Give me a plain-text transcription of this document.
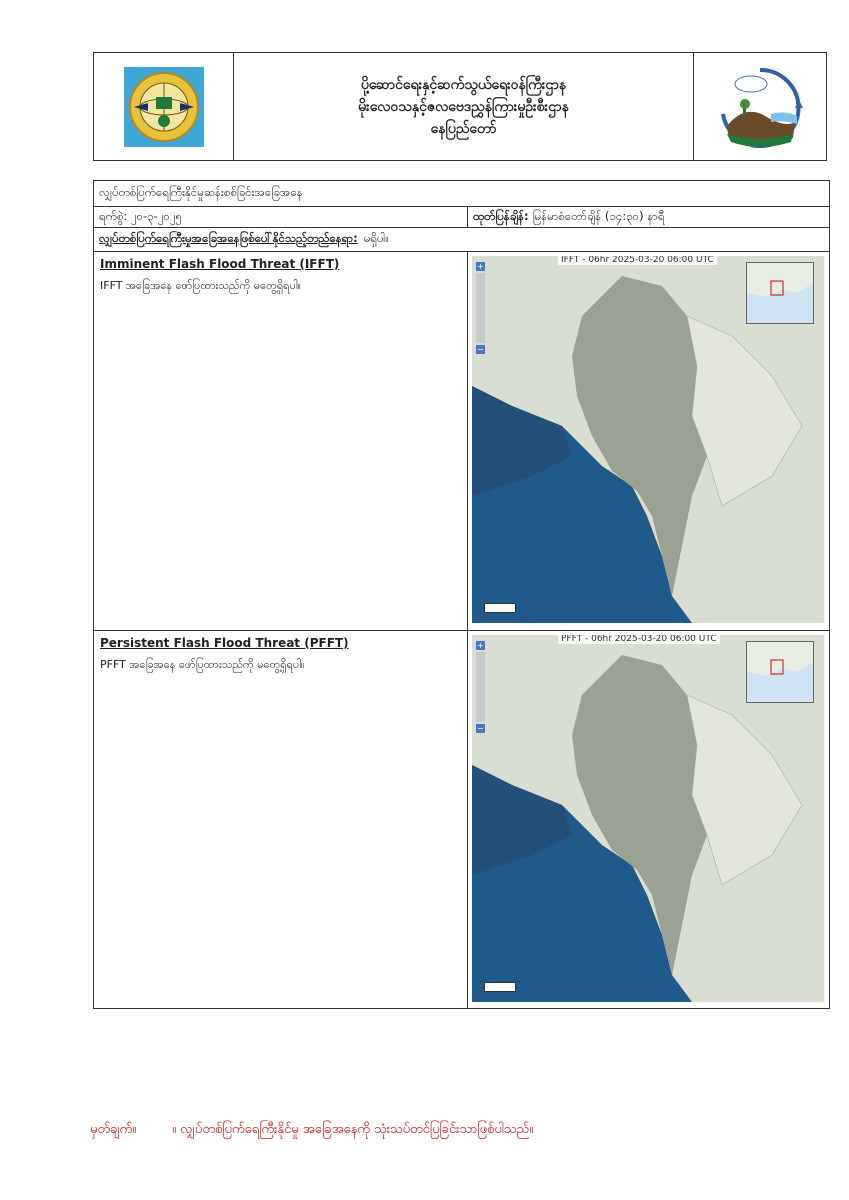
ပို့ဆောင်ရေးနှင့်ဆက်သွယ်ရေးဝန်ကြီးဌာန
မိုးလေဝသနှင့်ဇလဗေဒညွှန်ကြားမှုဦးစီးဌာန
နေပြည်တော်
လျှပ်တစ်ပြက်ရေကြီးနိုင်မှုဆန်းစစ်ခြင်းအခြေအနေ
ရက်စွဲ: ၂၀-၃-၂၀၂၅	ထုတ်ပြန်ချိန်: မြန်မာစံတော်ချိန် (၁၄:၃၀) နာရီ
လျှပ်တစ်ပြက်ရေကြီးမှုအခြေအနေဖြစ်ပေါ်နိုင်သည့်တည်နေရာ: မရှိပါ။
Imminent Flash Flood Threat (IFFT)
IFFT အခြေအနေ ဖော်ပြထားသည်ကို မတွေ့ရှိရပါ။
IFFT - 06hr 2025-03-20 06:00 UTC
+
−
Persistent Flash Flood Threat (PFFT)
PFFT အခြေအနေ ဖော်ပြထားသည်ကို မတွေ့ရှိရပါ။
PFFT - 06hr 2025-03-20 06:00 UTC
+
−
မှတ်ချက်။	။ လျှပ်တစ်ပြက်ရေကြီးနိုင်မှု အခြေအနေကို သုံးသပ်တင်ပြခြင်းသာဖြစ်ပါသည်။
